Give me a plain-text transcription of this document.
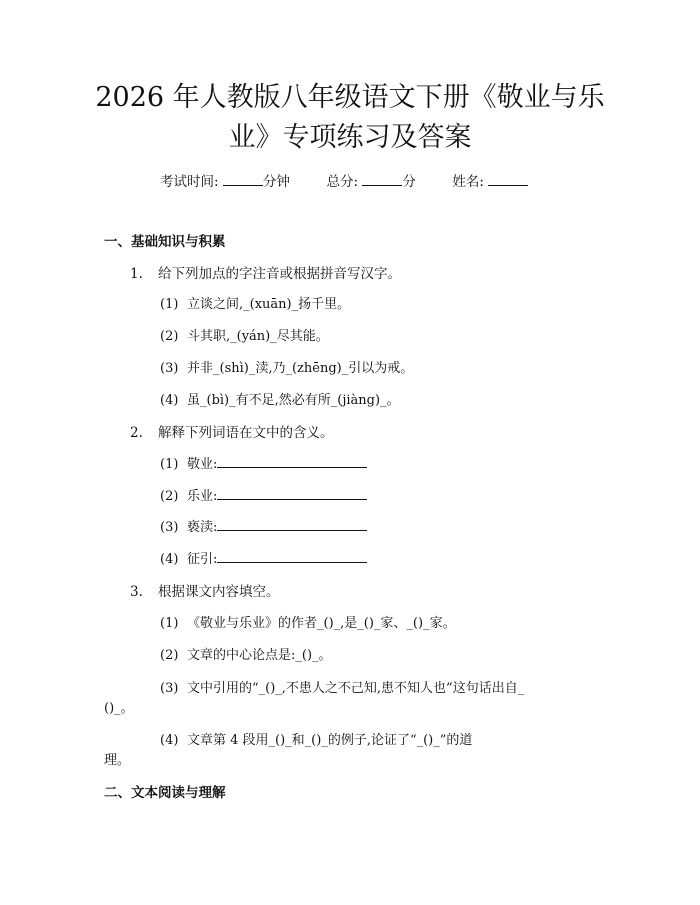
2026 年人教版八年级语文下册《敬业与乐
业》专项练习及答案
考试时间:	分钟	总分:	分	姓名:
一、基础知识与积累
1. 给下列加点的字注音或根据拼音写汉字。
(1) 立谈之间,_(xuān)_扬千里。
(2) 斗其职,_(yán)_尽其能。
(3) 并非_(shì)_渎,乃_(zhēng)_引以为戒。
(4) 虽_(bì)_有不足,然必有所_(jiàng)_。
2. 解释下列词语在文中的含义。
(1) 敬业:
(2) 乐业:
(3) 亵渎:
(4) 征引:
3. 根据课文内容填空。
(1) 《敬业与乐业》的作者_()_,是_()_家、_()_家。
(2) 文章的中心论点是:_()_。
(3) 文中引用的“_()_,不患人之不己知,患不知人也”这句话出自_
()_。
(4) 文章第 4 段用_()_和_()_的例子,论证了“_()_”的道
理。
二、文本阅读与理解
